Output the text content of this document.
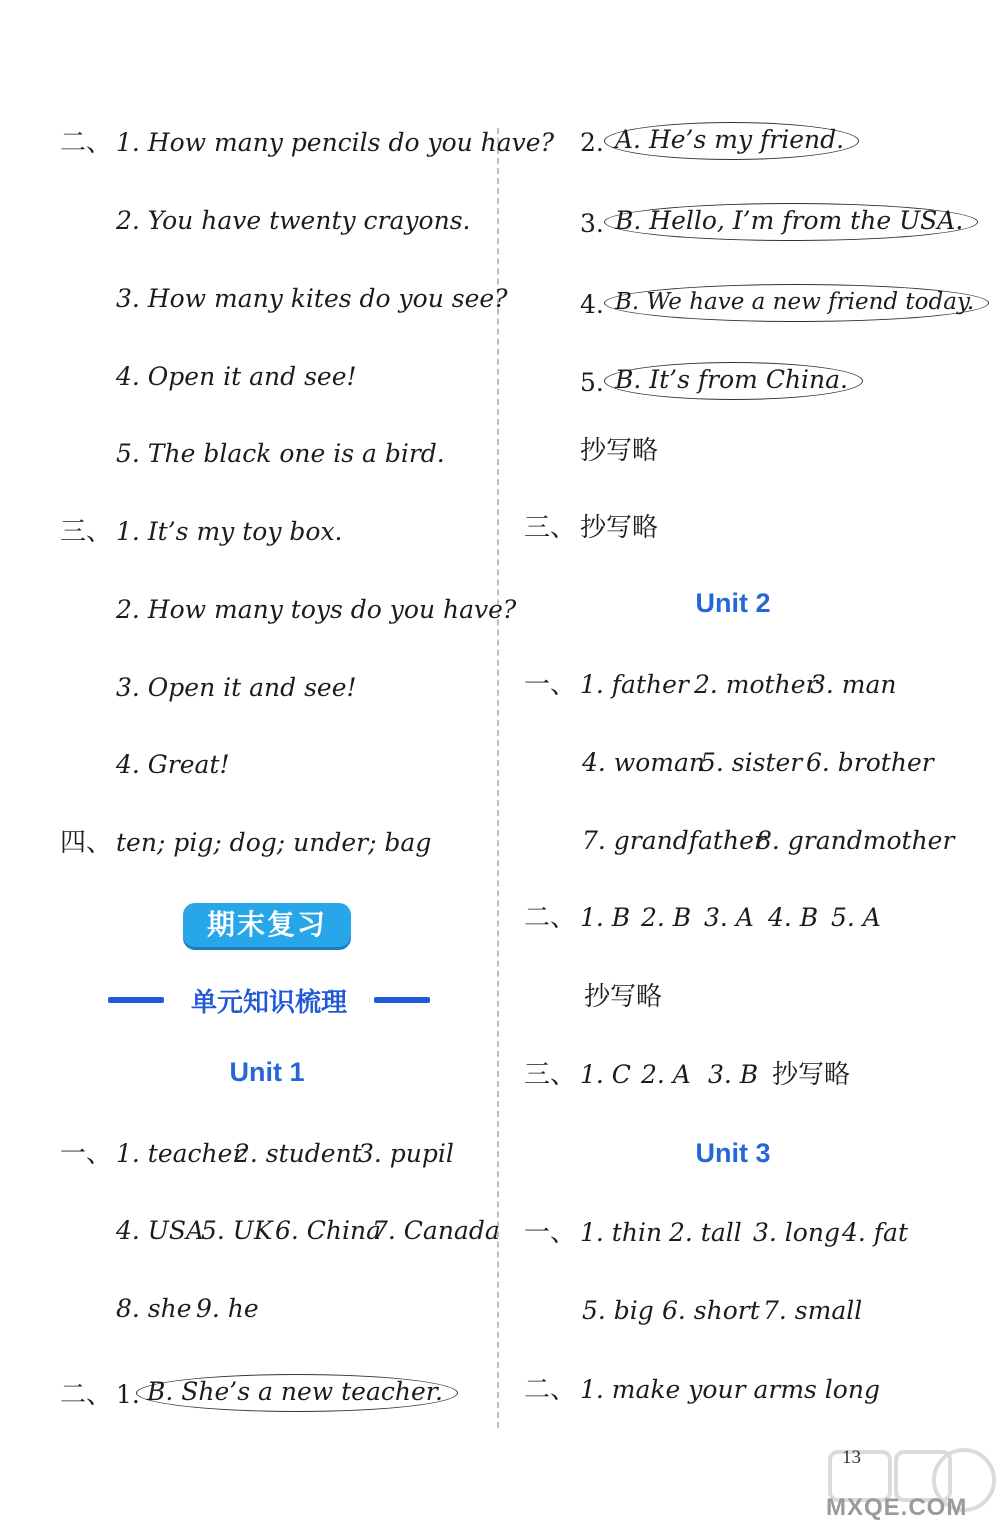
二、 1. How many pencils do you have?
2. You have twenty crayons.
3. How many kites do you see?
4. Open it and see!
5. The black one is a bird.
三、 1. It’s my toy box.
2. How many toys do you have?
3. Open it and see!
4. Great!
四、 ten; pig; dog; under; bag
期末复习
单元知识梳理
Unit 1
一、 1. teacher
2. student
3. pupil
4. USA
5. UK 6. China
7. Canada
8. she 9. he
二、 1. B. She’s a new teacher.
2. A. He’s my friend.
3. B. Hello, I’m from the USA.
4. B. We have a new friend today.
5. B. It’s from China.
抄写略
三、 抄写略
Unit 2
一、 1. father 2. mother
3. man
4. woman
5. sister 6. brother
7. grandfather
8. grandmother
二、 1. B 2. B 3. A 4. B 5. A
抄写略
三、 1. C 2. A 3. B 抄写略
Unit 3
一、 1. thin 2. tall 3. long 4. fat
5. big 6. short 7. small
二、 1. make your arms long
13
MXQE.COM
